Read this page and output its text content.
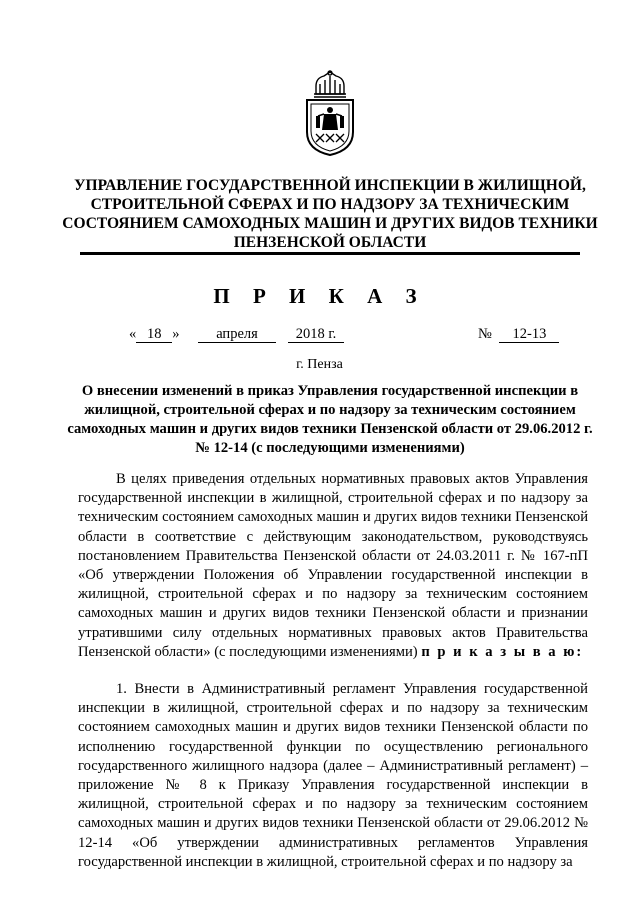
УПРАВЛЕНИЕ ГОСУДАРСТВЕННОЙ ИНСПЕКЦИИ В ЖИЛИЩНОЙ, СТРОИТЕЛЬНОЙ СФЕРАХ И ПО НАДЗОРУ ЗА ТЕХНИЧЕСКИМ СОСТОЯНИЕМ САМОХОДНЫХ МАШИН И ДРУГИХ ВИДОВ ТЕХНИКИ ПЕНЗЕНСКОЙ ОБЛАСТИ
П Р И К А З
« 18 »	апреля	2018 г.	№ 12-13
г. Пенза
О внесении изменений в приказ Управления государственной инспекции в жилищной, строительной сферах и по надзору за техническим состоянием самоходных машин и других видов техники Пензенской области от 29.06.2012 г. № 12-14 (с последующими изменениями)
В целях приведения отдельных нормативных правовых актов Управления государственной инспекции в жилищной, строительной сферах и по надзору за техническим состоянием самоходных машин и других видов техники Пензенской области в соответствие с действующим законодательством, руководствуясь постановлением Правительства Пензенской области от 24.03.2011 г. № 167-пП «Об утверждении Положения об Управлении государственной инспекции в жилищной, строительной сферах и по надзору за техническим состоянием самоходных машин и других видов техники Пензенской области и признании утратившими силу отдельных нормативных правовых актов Правительства Пензенской области» (с последующими изменениями) п р и к а з ы в а ю:
1. Внести в Административный регламент Управления государственной инспекции в жилищной, строительной сферах и по надзору за техническим состоянием самоходных машин и других видов техники Пензенской области по исполнению государственной функции по осуществлению регионального государственного жилищного надзора (далее – Административный регламент) – приложение № 8 к Приказу Управления государственной инспекции в жилищной, строительной сферах и по надзору за техническим состоянием самоходных машин и других видов техники Пензенской области от 29.06.2012 № 12-14 «Об утверждении административных регламентов Управления государственной инспекции в жилищной, строительной сферах и по надзору за
